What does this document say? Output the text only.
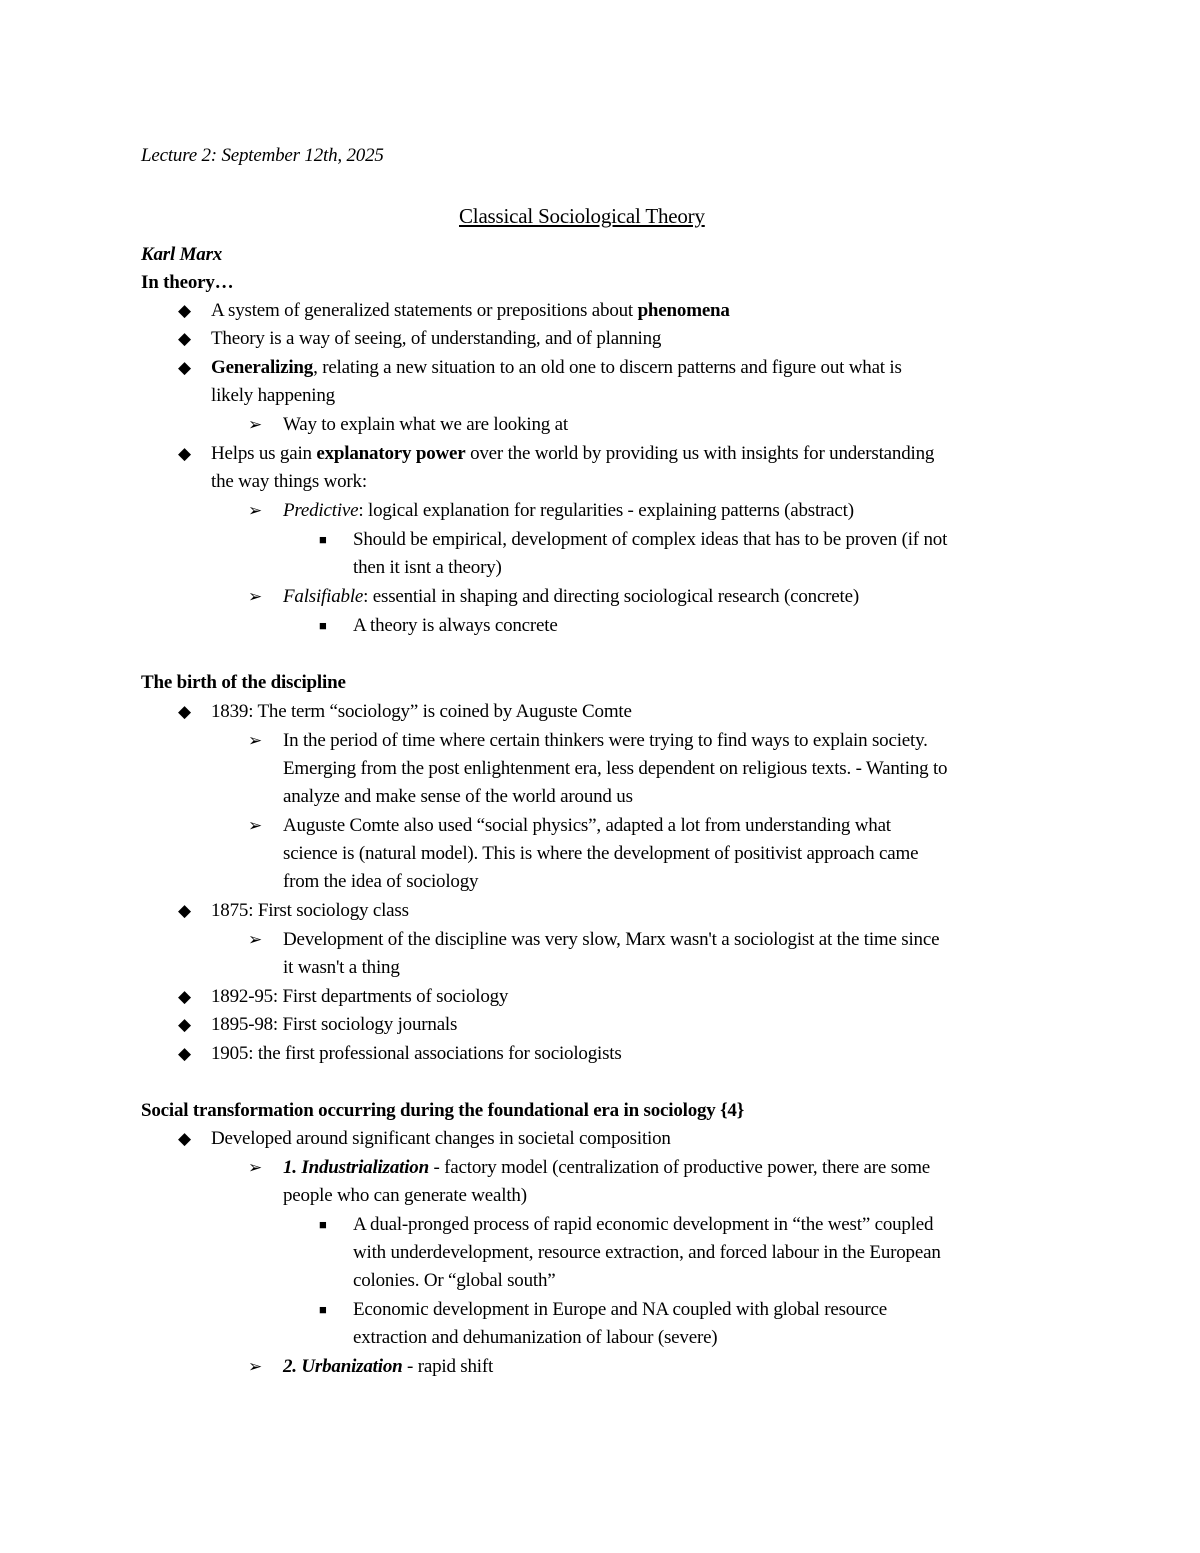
Lecture 2: September 12th, 2025
Classical Sociological Theory
Karl Marx
In theory…
◆ A system of generalized statements or prepositions about phenomena
◆ Theory is a way of seeing, of understanding, and of planning
◆ Generalizing, relating a new situation to an old one to discern patterns and figure out what is
likely happening
➢ Way to explain what we are looking at
◆ Helps us gain explanatory power over the world by providing us with insights for understanding
the way things work:
➢ Predictive: logical explanation for regularities - explaining patterns (abstract)
■ Should be empirical, development of complex ideas that has to be proven (if not
then it isnt a theory)
➢ Falsifiable: essential in shaping and directing sociological research (concrete)
■ A theory is always concrete
The birth of the discipline
◆ 1839: The term “sociology” is coined by Auguste Comte
➢ In the period of time where certain thinkers were trying to find ways to explain society.
Emerging from the post enlightenment era, less dependent on religious texts. - Wanting to
analyze and make sense of the world around us
➢ Auguste Comte also used “social physics”, adapted a lot from understanding what
science is (natural model). This is where the development of positivist approach came
from the idea of sociology
◆ 1875: First sociology class
➢ Development of the discipline was very slow, Marx wasn't a sociologist at the time since
it wasn't a thing
◆ 1892-95: First departments of sociology
◆ 1895-98: First sociology journals
◆ 1905: the first professional associations for sociologists
Social transformation occurring during the foundational era in sociology {4}
◆ Developed around significant changes in societal composition
➢ 1. Industrialization - factory model (centralization of productive power, there are some
people who can generate wealth)
■ A dual-pronged process of rapid economic development in “the west” coupled
with underdevelopment, resource extraction, and forced labour in the European
colonies. Or “global south”
■ Economic development in Europe and NA coupled with global resource
extraction and dehumanization of labour (severe)
➢ 2. Urbanization - rapid shift
